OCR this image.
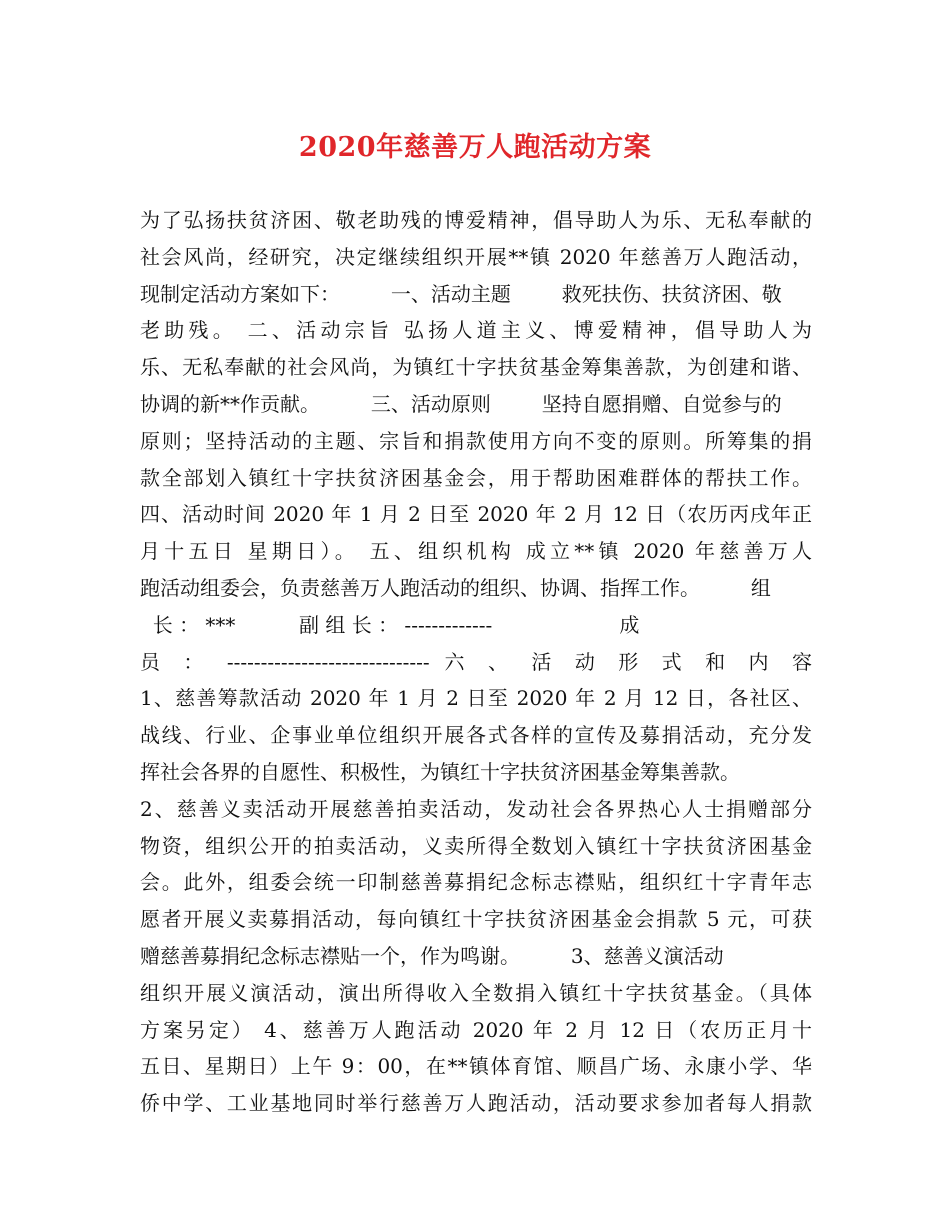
2020年慈善万人跑活动方案
为了弘扬扶贫济困、敬老助残的博爱精神，倡导助人为乐、无私奉献的
社会风尚，经研究，决定继续组织开展**镇 2020 年慈善万人跑活动，
现制定活动方案如下：        一、活动主题        救死扶伤、扶贫济困、敬
老助残。 二、活动宗旨 弘扬人道主义、博爱精神，倡导助人为
乐、无私奉献的社会风尚，为镇红十字扶贫基金筹集善款，为创建和谐、
协调的新**作贡献。        三、活动原则        坚持自愿捐赠、自觉参与的
原则；坚持活动的主题、宗旨和捐款使用方向不变的原则。所筹集的捐
款全部划入镇红十字扶贫济困基金会，用于帮助困难群体的帮扶工作。
四、活动时间 2020 年 1 月 2 日至 2020 年 2 月 12 日（农历丙戌年正
月十五日 星期日）。 五、组织机构 成立**镇 2020 年慈善万人
跑活动组委会，负责慈善万人跑活动的组织、协调、指挥工作。        组
长 ： ***          副 组 长 ： -------------                    成
员 ： ------------------------------ 六 、 活 动 形 式 和 内 容
1、慈善筹款活动 2020 年 1 月 2 日至 2020 年 2 月 12 日，各社区、
战线、行业、企事业单位组织开展各式各样的宣传及募捐活动，充分发
挥社会各界的自愿性、积极性，为镇红十字扶贫济困基金筹集善款。
2、慈善义卖活动开展慈善拍卖活动，发动社会各界热心人士捐赠部分
物资，组织公开的拍卖活动，义卖所得全数划入镇红十字扶贫济困基金
会。此外，组委会统一印制慈善募捐纪念标志襟贴，组织红十字青年志
愿者开展义卖募捐活动，每向镇红十字扶贫济困基金会捐款 5 元，可获
赠慈善募捐纪念标志襟贴一个，作为鸣谢。        3、慈善义演活动
组织开展义演活动，演出所得收入全数捐入镇红十字扶贫基金。（具体
方案另定） 4、慈善万人跑活动 2020 年 2 月 12 日（农历正月十
五日、星期日）上午 9：00，在**镇体育馆、顺昌广场、永康小学、华
侨中学、工业基地同时举行慈善万人跑活动，活动要求参加者每人捐款
